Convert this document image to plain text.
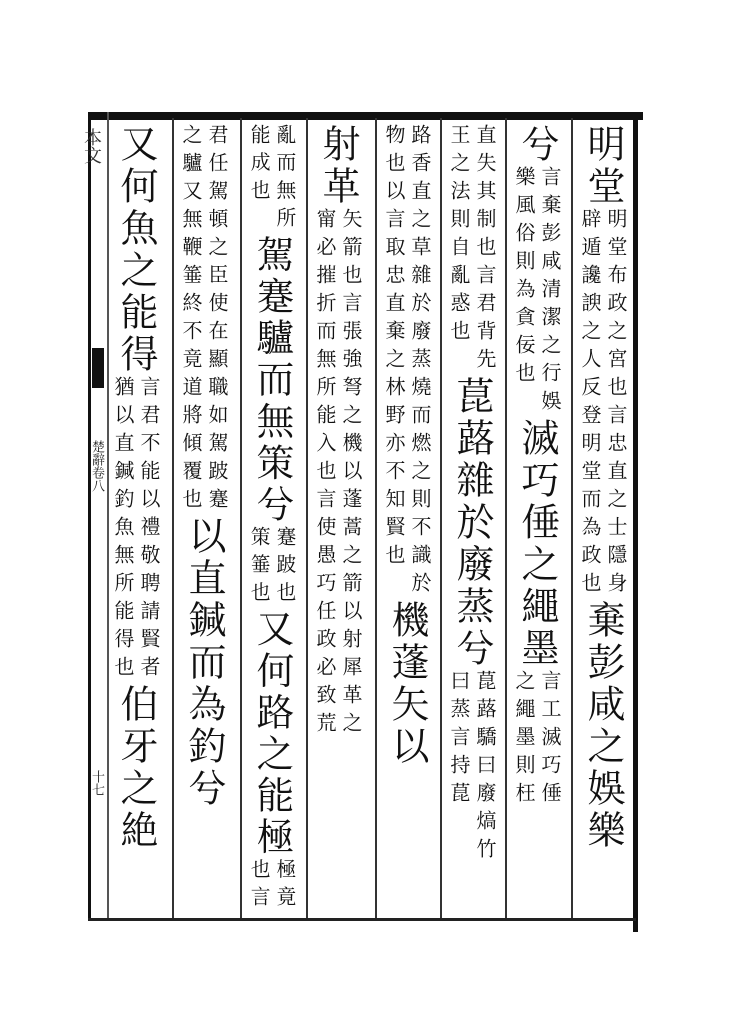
本文
楚辭卷八
十七
明堂
明堂布政之宮也言忠直之士隱身
辟遁讒諛之人反登明堂而為政也
棄彭咸之娛樂
兮
言棄彭咸清潔之行娛
樂風俗則為貪佞也
滅巧倕之繩墨
言工滅巧倕
之繩墨則枉
直失其制也言君背先
王之法則自亂惑也
菎蕗雜於廢蒸兮
菎蕗
曰蒸
驕曰廢熇竹
言持菎
路香直之草雜於廢蒸燒而燃之則不識於
物也以言取忠直棄之林野亦不知賢也
機蓬矢以
射革
矢箭也言張強弩之機以蓬蒿之箭以射犀革之
甯必摧折而無所能入也言使愚巧任政必致荒
亂而無所
能成也
駕蹇驢而無策兮
蹇跛也
策箠也
又何路之能極
極竟
也言
君任駕頓之臣使在顯職如駕跛蹇
之驢又無鞭箠終不竟道將傾覆也
以直鍼而為釣兮
又何魚之能得
言君不能以禮敬聘請賢者
猶以直鍼釣魚無所能得也
伯牙之絶
